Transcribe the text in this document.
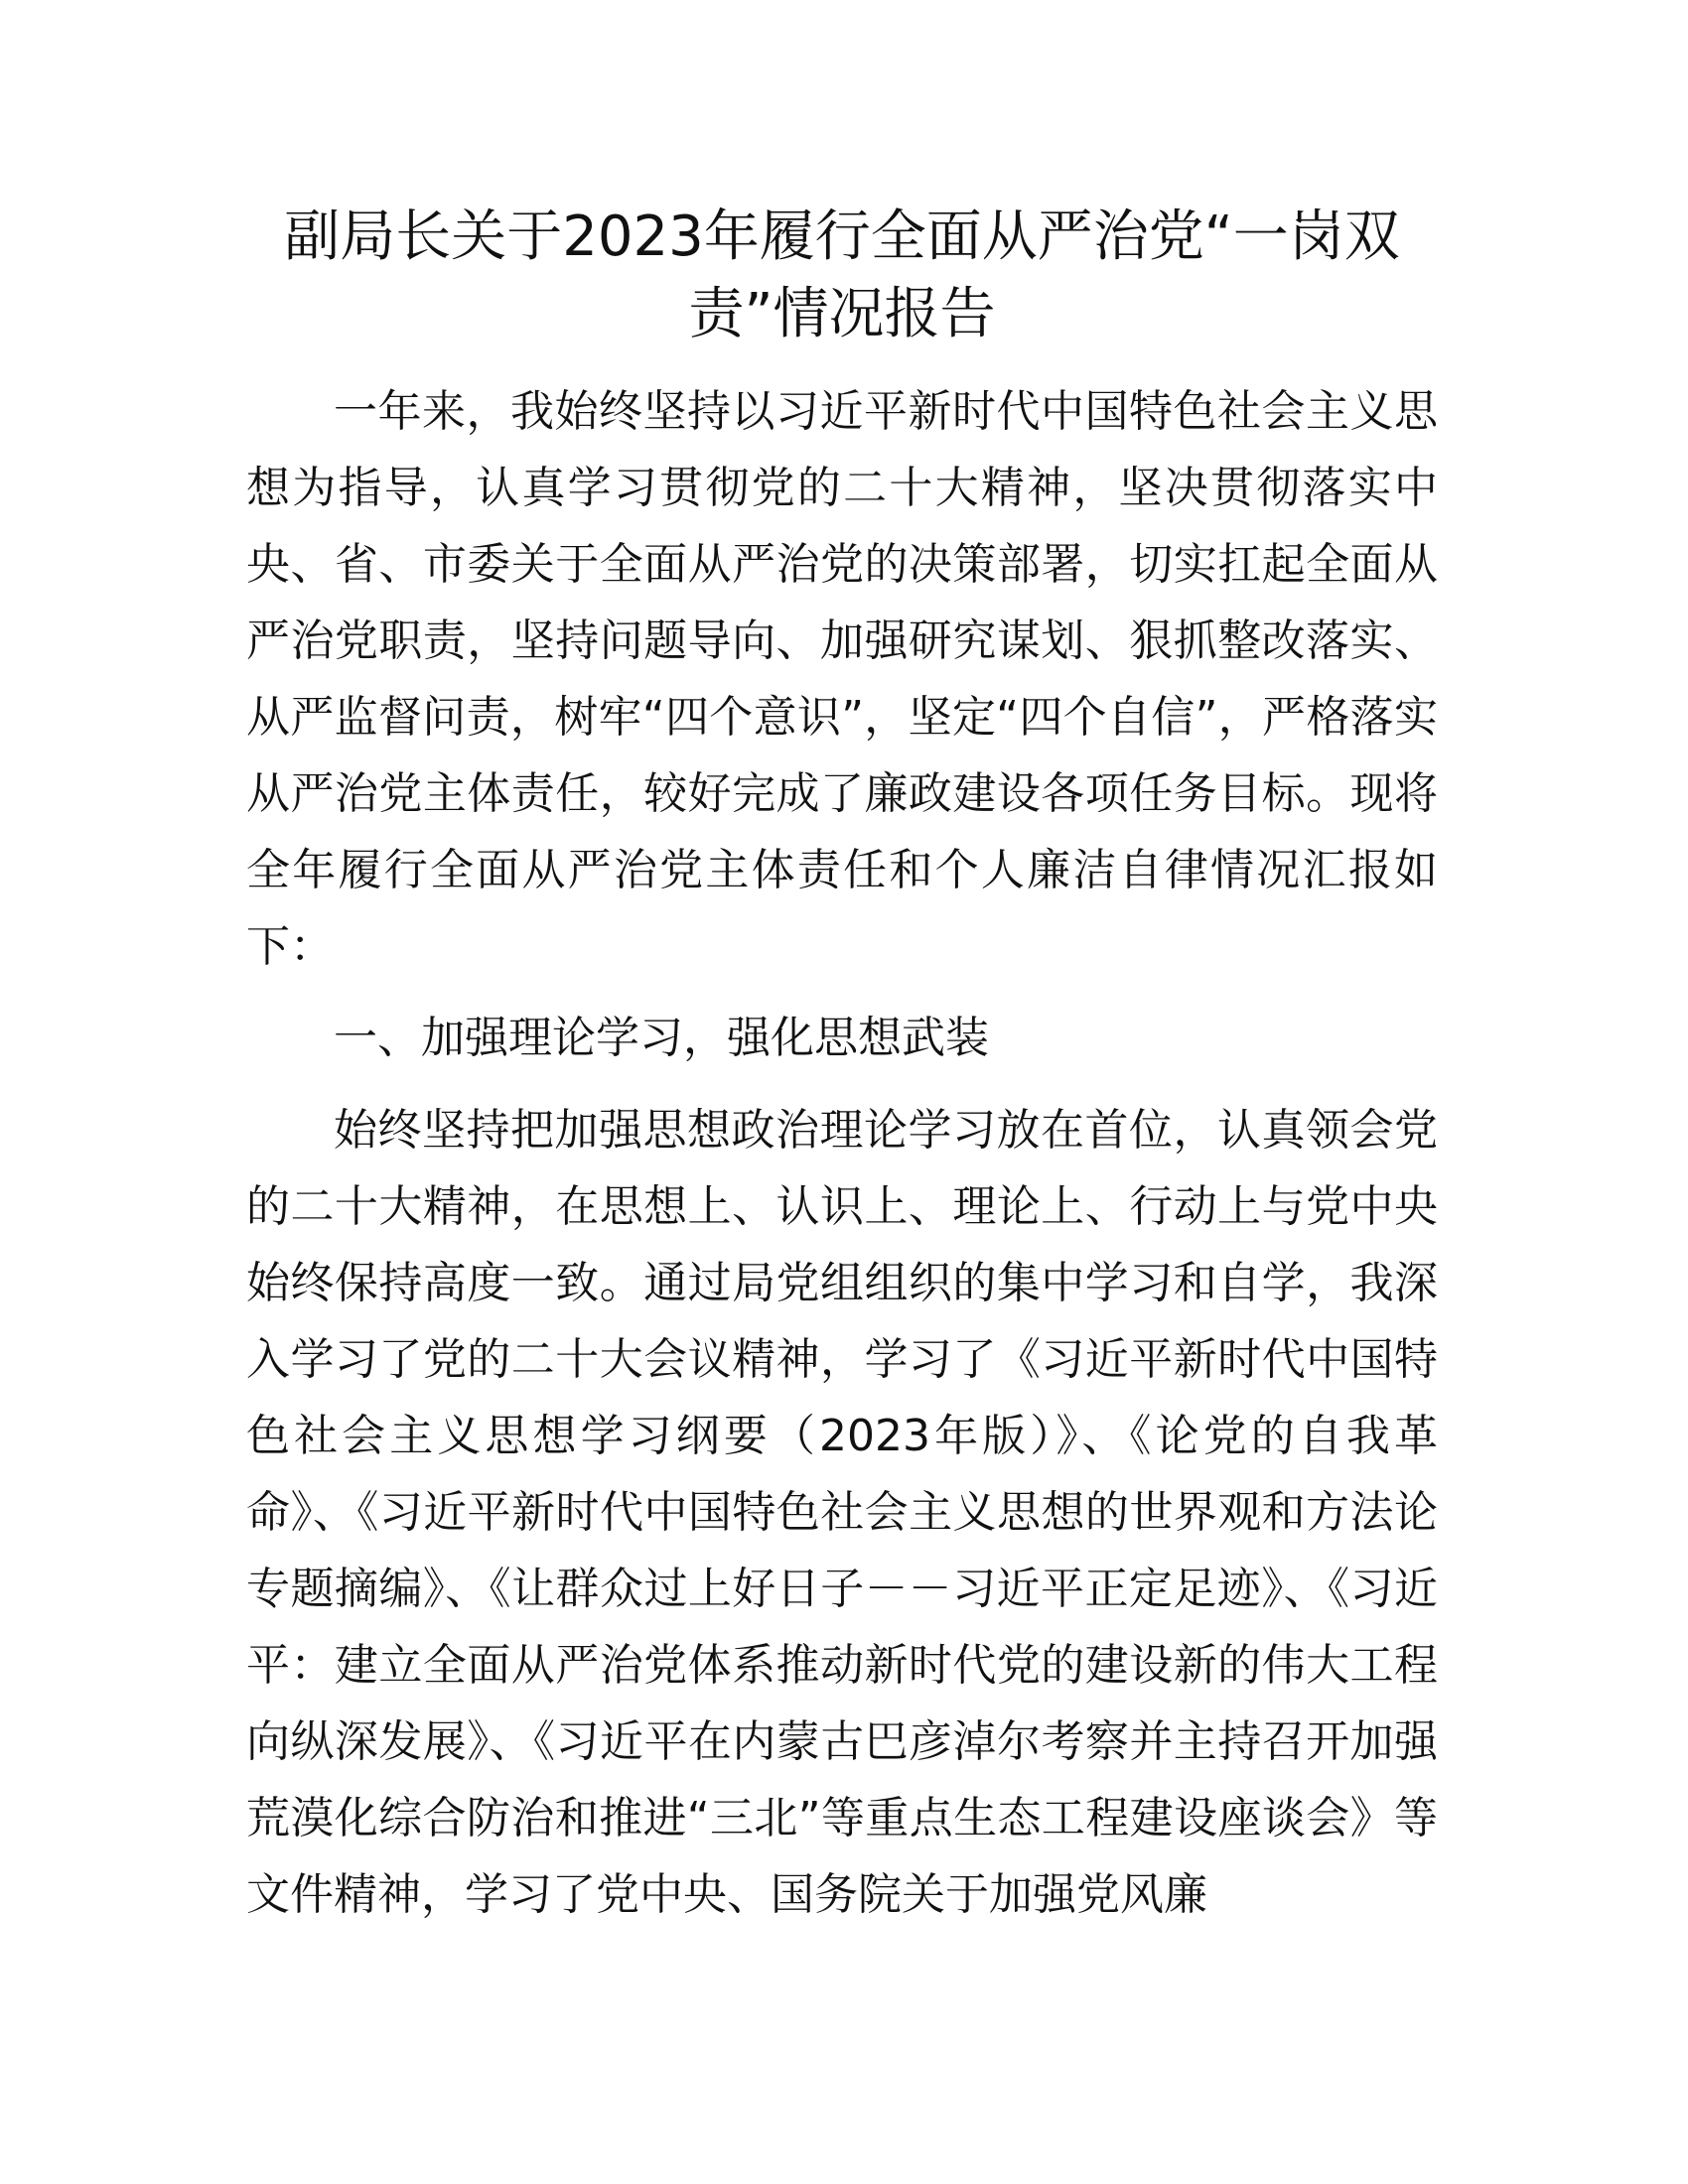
副局长关于2023年履行全面从严治党“一岗双责”情况报告

一年来，我始终坚持以习近平新时代中国特色社会主义思想为指导，认真学习贯彻党的二十大精神，坚决贯彻落实中央、省、市委关于全面从严治党的决策部署，切实扛起全面从严治党职责，坚持问题导向、加强研究谋划、狠抓整改落实、从严监督问责，树牢“四个意识”，坚定“四个自信”，严格落实从严治党主体责任，较好完成了廉政建设各项任务目标。现将全年履行全面从严治党主体责任和个人廉洁自律情况汇报如下：

一、加强理论学习，强化思想武装

始终坚持把加强思想政治理论学习放在首位，认真领会党的二十大精神，在思想上、认识上、理论上、行动上与党中央始终保持高度一致。通过局党组组织的集中学习和自学，我深入学习了党的二十大会议精神，学习了《习近平新时代中国特色社会主义思想学习纲要（2023年版）》、《论党的自我革命》、《习近平新时代中国特色社会主义思想的世界观和方法论专题摘编》、《让群众过上好日子－－习近平正定足迹》、《习近平：建立全面从严治党体系推动新时代党的建设新的伟大工程向纵深发展》、《习近平在内蒙古巴彦淖尔考察并主持召开加强荒漠化综合防治和推进“三北”等重点生态工程建设座谈会》等文件精神，学习了党中央、国务院关于加强党风廉
